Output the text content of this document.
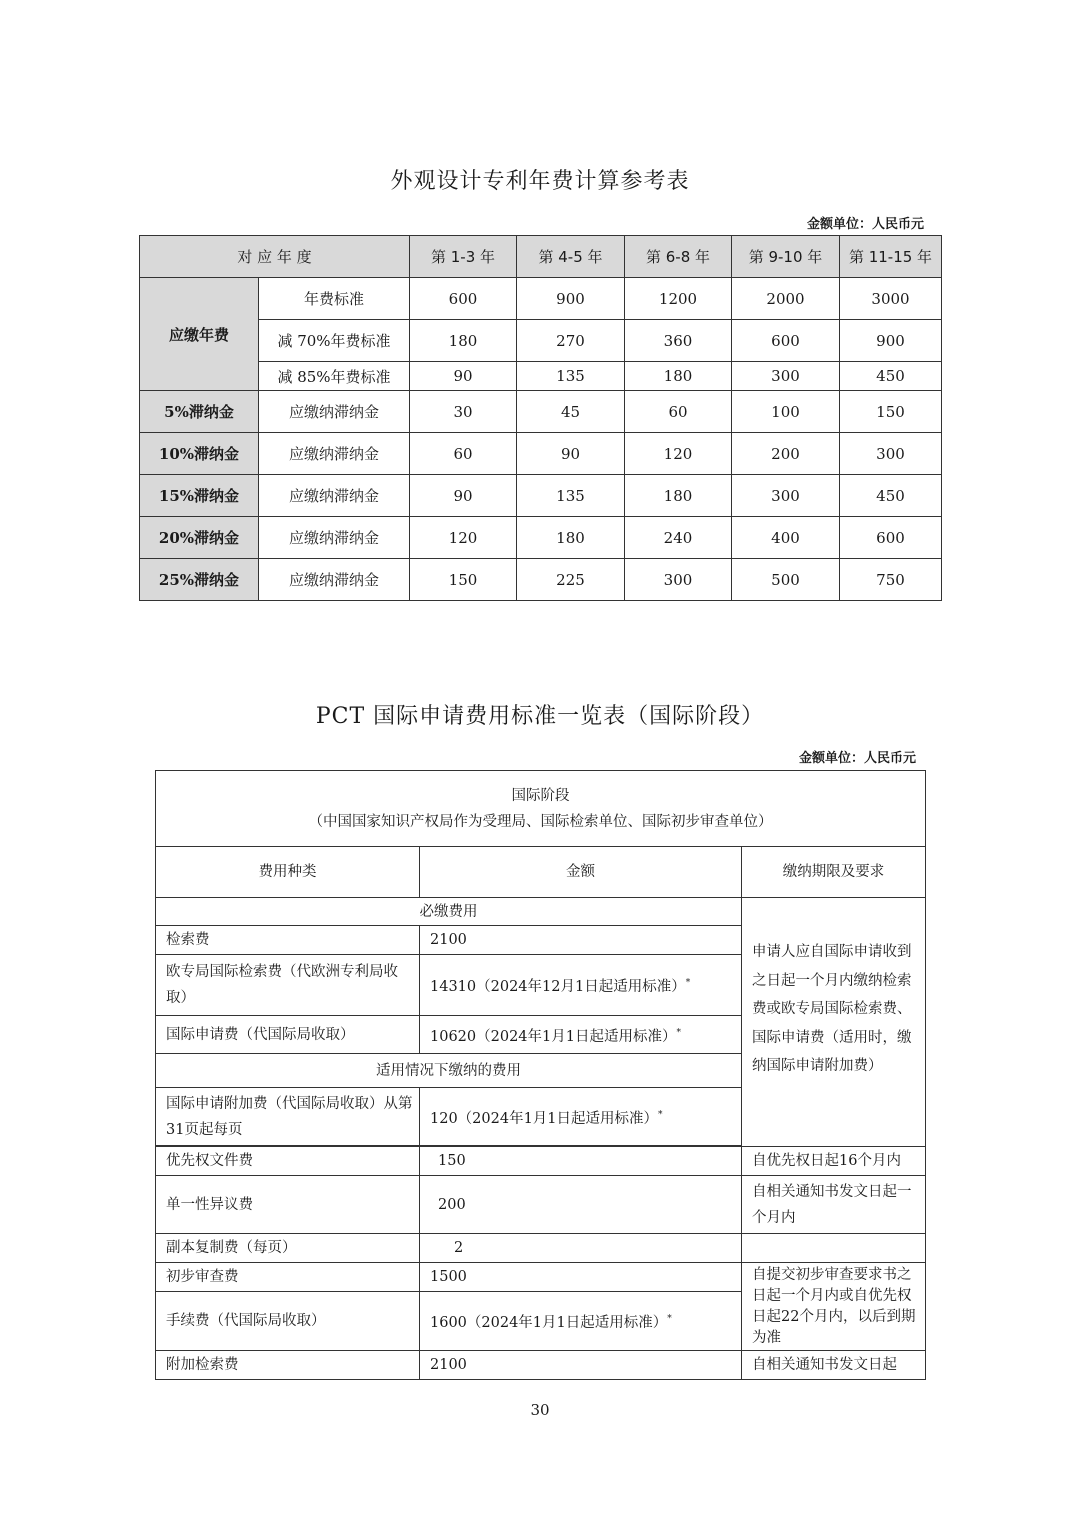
外观设计专利年费计算参考表
金额单位：人民币元
对 应 年 度		第 1-3 年	第 4-5 年	第 6-8 年	第 9-10 年	第 11-15 年
应缴年费	年费标准	600	900	1200	2000	3000
	减 70%年费标准	180	270	360	600	900
	减 85%年费标准	90	135	180	300	450
5%滞纳金	应缴纳滞纳金	30	45	60	100	150
10%滞纳金	应缴纳滞纳金	60	90	120	200	300
15%滞纳金	应缴纳滞纳金	90	135	180	300	450
20%滞纳金	应缴纳滞纳金	120	180	240	400	600
25%滞纳金	应缴纳滞纳金	150	225	300	500	750
PCT 国际申请费用标准一览表（国际阶段）
金额单位：人民币元
国际阶段
（中国国家知识产权局作为受理局、国际检索单位、国际初步审查单位）		

费用种类	金额	缴纳期限及要求
必缴费用		申请人应自国际申请收到之日起一个月内缴纳检索费或欧专局国际检索费、国际申请费（适用时，缴纳国际申请附加费）
检索费	2100	
欧专局国际检索费（代欧洲专利局收取）	14310（2024年12月1日起适用标准）*
国际申请费（代国际局收取）	10620（2024年1月1日起适用标准）*
适用情况下缴纳的费用		
国际申请附加费（代国际局收取）从第31页起每页	120（2024年1月1日起适用标准）*

优先权文件费	150	自优先权日起16个月内
单一性异议费	200	自相关通知书发文日起一个月内
副本复制费（每页）	2	
初步审查费	1500	自提交初步审查要求书之日起一个月内或自优先权日起22个月内，以后到期为准
手续费（代国际局收取）	1600（2024年1月1日起适用标准）*
附加检索费	2100	自相关通知书发文日起
30
